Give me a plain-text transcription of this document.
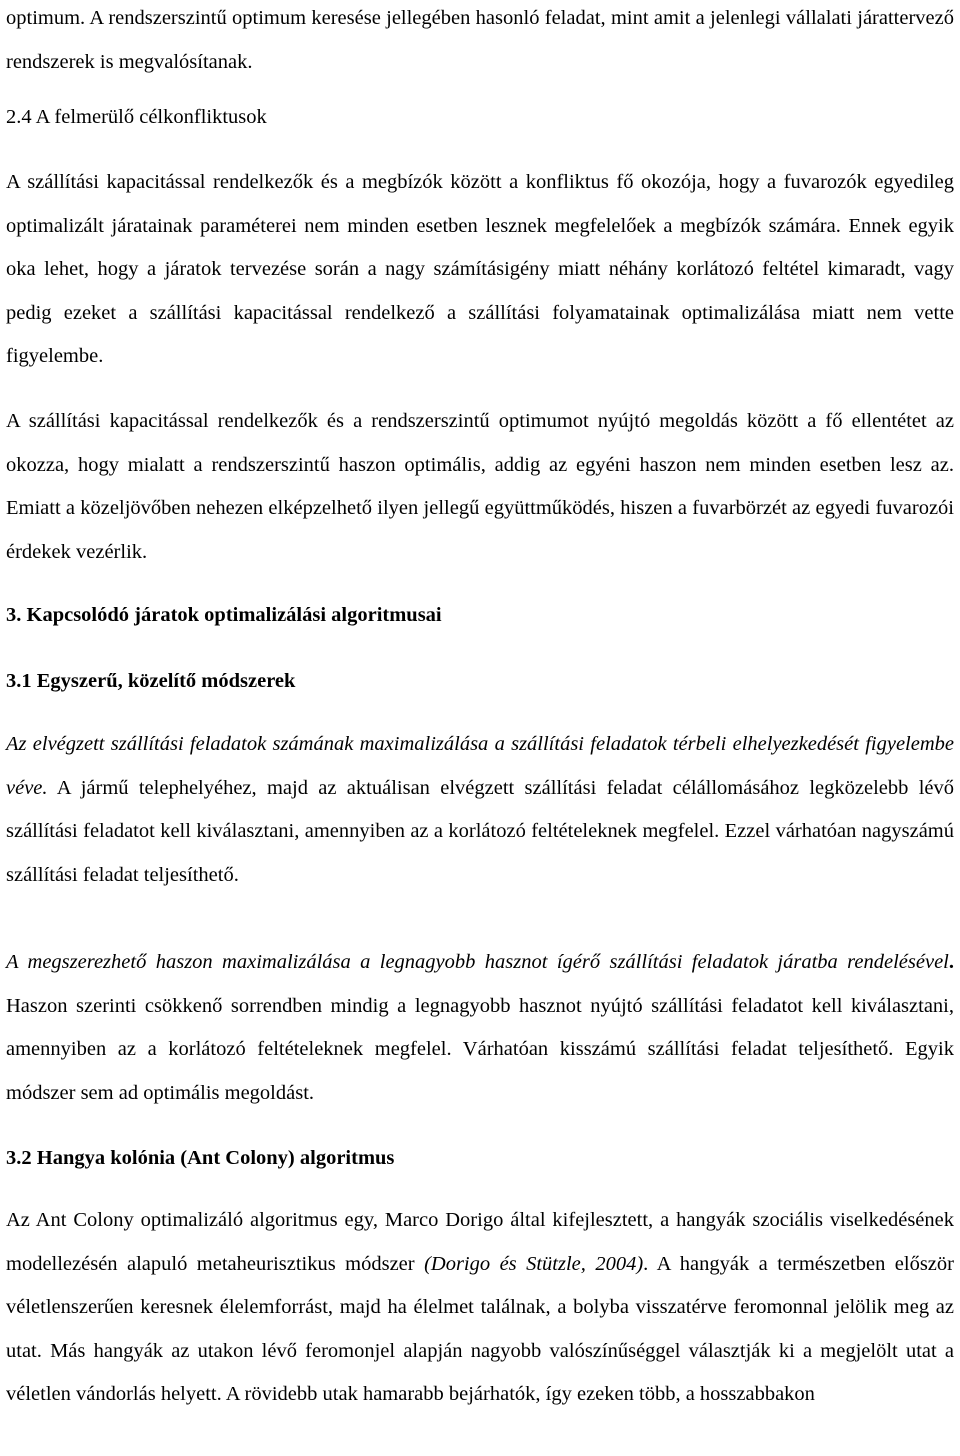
optimum. A rendszerszintű optimum keresése jellegében hasonló feladat, mint amit a jelenlegi vállalati járattervező rendszerek is megvalósítanak.

2.4 A felmerülő célkonfliktusok

A szállítási kapacitással rendelkezők és a megbízók között a konfliktus fő okozója, hogy a fuvarozók egyedileg optimalizált járatainak paraméterei nem minden esetben lesznek megfelelőek a megbízók számára. Ennek egyik oka lehet, hogy a járatok tervezése során a nagy számításigény miatt néhány korlátozó feltétel kimaradt, vagy pedig ezeket a szállítási kapacitással rendelkező a szállítási folyamatainak optimalizálása miatt nem vette figyelembe.

A szállítási kapacitással rendelkezők és a rendszerszintű optimumot nyújtó megoldás között a fő ellentétet az okozza, hogy mialatt a rendszerszintű haszon optimális, addig az egyéni haszon nem minden esetben lesz az. Emiatt a közeljövőben nehezen elképzelhető ilyen jellegű együttműködés, hiszen a fuvarbörzét az egyedi fuvarozói érdekek vezérlik.

3. Kapcsolódó járatok optimalizálási algoritmusai
3.1 Egyszerű, közelítő módszerek

Az elvégzett szállítási feladatok számának maximalizálása a szállítási feladatok térbeli elhelyezkedését figyelembe véve. A jármű telephelyéhez, majd az aktuálisan elvégzett szállítási feladat célállomásához legközelebb lévő szállítási feladatot kell kiválasztani, amennyiben az a korlátozó feltételeknek megfelel. Ezzel várhatóan nagyszámú szállítási feladat teljesíthető.

A megszerezhető haszon maximalizálása a legnagyobb hasznot ígérő szállítási feladatok járatba rendelésével. Haszon szerinti csökkenő sorrendben mindig a legnagyobb hasznot nyújtó szállítási feladatot kell kiválasztani, amennyiben az a korlátozó feltételeknek megfelel. Várhatóan kisszámú szállítási feladat teljesíthető. Egyik módszer sem ad optimális megoldást.

3.2 Hangya kolónia (Ant Colony) algoritmus

Az Ant Colony optimalizáló algoritmus egy, Marco Dorigo által kifejlesztett, a hangyák szociális viselkedésének modellezésén alapuló metaheurisztikus módszer (Dorigo és Stützle, 2004). A hangyák a természetben először véletlenszerűen keresnek élelemforrást, majd ha élelmet találnak, a bolyba visszatérve feromonnal jelölik meg az utat. Más hangyák az utakon lévő feromonjel alapján nagyobb valószínűséggel választják ki a megjelölt utat a véletlen vándorlás helyett. A rövidebb utak hamarabb bejárhatók, így ezeken több, a hosszabbakon
